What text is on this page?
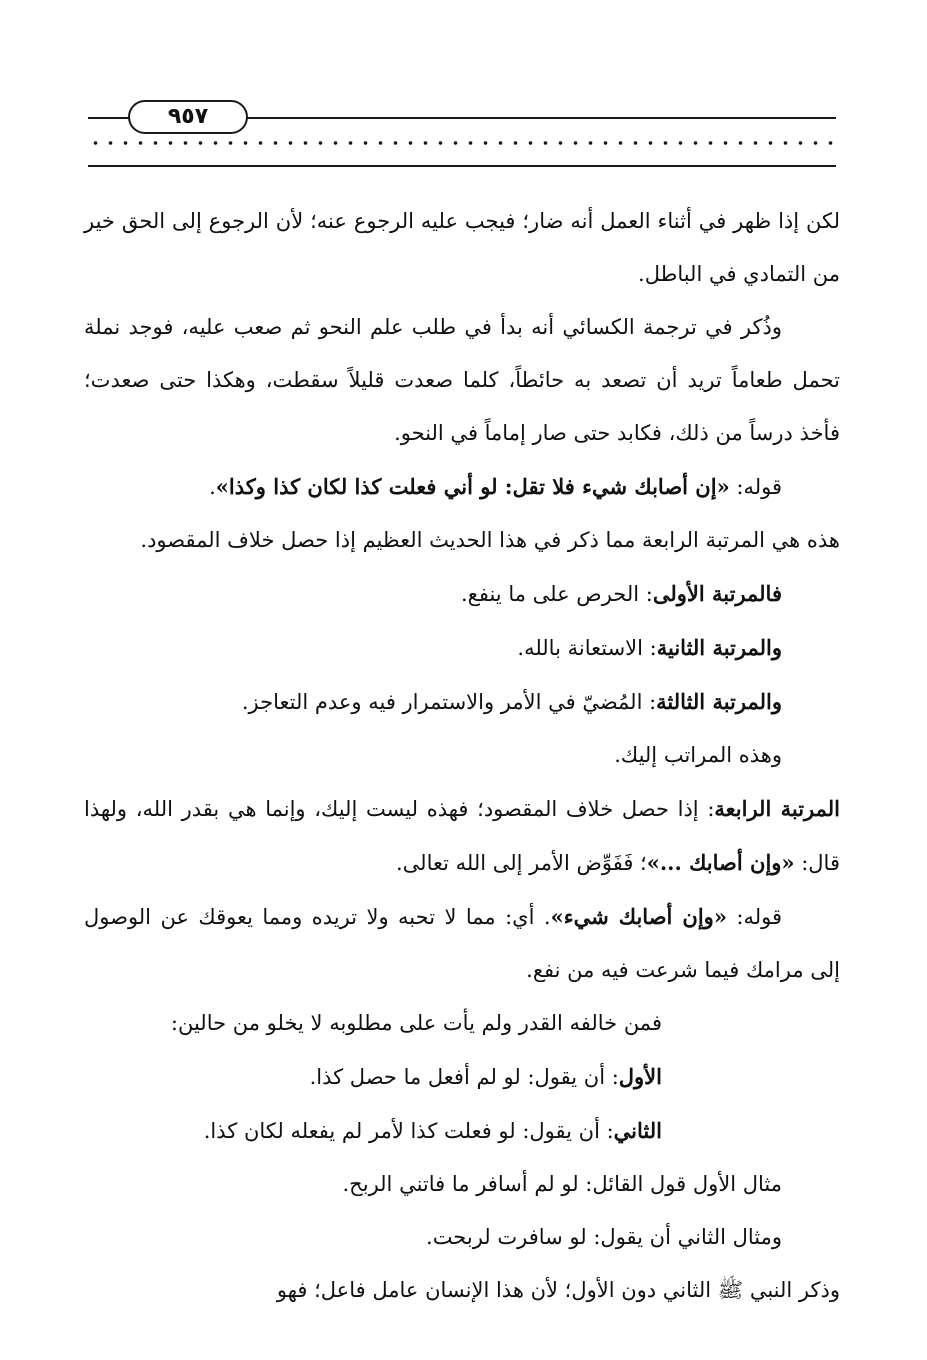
٩٥٧

لكن إذا ظهر في أثناء العمل أنه ضار؛ فيجب عليه الرجوع عنه؛ لأن الرجوع إلى الحق خير من التمادي في الباطل.

وذُكر في ترجمة الكسائي أنه بدأ في طلب علم النحو ثم صعب عليه، فوجد نملة تحمل طعاماً تريد أن تصعد به حائطاً، كلما صعدت قليلاً سقطت، وهكذا حتى صعدت؛ فأخذ درساً من ذلك، فكابد حتى صار إماماً في النحو.

قوله: «إن أصابك شيء فلا تقل: لو أني فعلت كذا لكان كذا وكذا».

هذه هي المرتبة الرابعة مما ذكر في هذا الحديث العظيم إذا حصل خلاف المقصود.

فالمرتبة الأولى: الحرص على ما ينفع.

والمرتبة الثانية: الاستعانة بالله.

والمرتبة الثالثة: المُضيّ في الأمر والاستمرار فيه وعدم التعاجز.

وهذه المراتب إليك.

المرتبة الرابعة: إذا حصل خلاف المقصود؛ فهذه ليست إليك، وإنما هي بقدر الله، ولهذا قال: «وإن أصابك ...»؛ فَفَوِّض الأمر إلى الله تعالى.

قوله: «وإن أصابك شيء». أي: مما لا تحبه ولا تريده ومما يعوقك عن الوصول إلى مرامك فيما شرعت فيه من نفع.

فمن خالفه القدر ولم يأت على مطلوبه لا يخلو من حالين:

الأول: أن يقول: لو لم أفعل ما حصل كذا.

الثاني: أن يقول: لو فعلت كذا لأمر لم يفعله لكان كذا.

مثال الأول قول القائل: لو لم أسافر ما فاتني الربح.

ومثال الثاني أن يقول: لو سافرت لربحت.

وذكر النبي ﷺ الثاني دون الأول؛ لأن هذا الإنسان عامل فاعل؛ فهو
